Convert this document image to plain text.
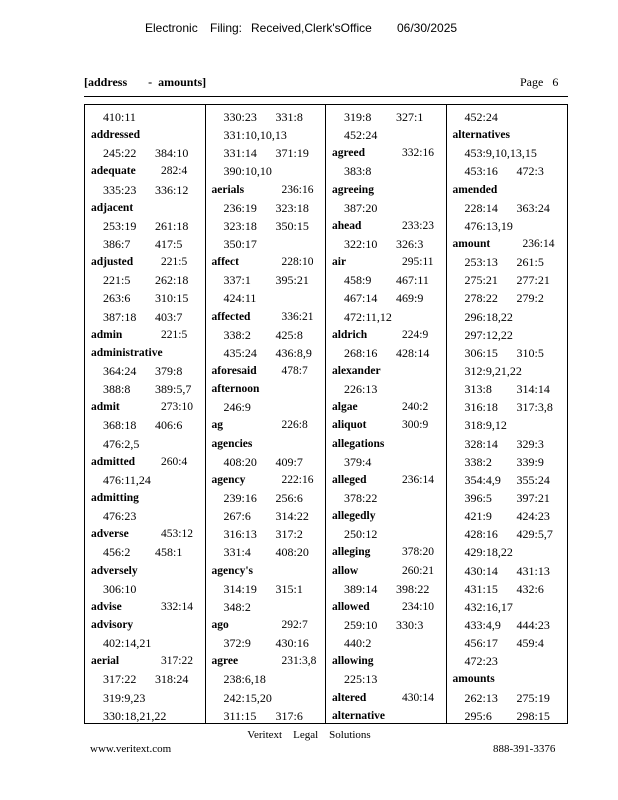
Electronic Filing: Received,Clerk'sOffice 06/30/2025
[address       -  amounts]	Page   6
410:11
addressed
245:22 384:10
adequate 282:4
335:23 336:12
adjacent
253:19 261:18
386:7 417:5
adjusted 221:5
221:5 262:18
263:6 310:15
387:18 403:7
admin	221:5
administrative
364:24 379:8
388:8 389:5,7
admit	273:10
368:18 406:6
476:2,5
admitted 260:4
476:11,24
admitting
476:23
adverse	453:12
456:2 458:1
adversely
306:10
advise	332:14
advisory
402:14,21
aerial	317:22
317:22 318:24
319:9,23
330:18,21,22
330:23 331:8
331:10,10,13
331:14 371:19
390:10,10
aerials	236:16
236:19 323:18
323:18 350:15
350:17
affect	228:10
337:1 395:21
424:11
affected	336:21
338:2 425:8
435:24 436:8,9
aforesaid 478:7
afternoon
246:9
ag	226:8
agencies
408:20 409:7
agency	222:16
239:16 256:6
267:6 314:22
316:13 317:2
331:4 408:20
agency's
314:19 315:1
348:2
ago	292:7
372:9 430:16
agree	231:3,8
238:6,18
242:15,20
311:15 317:6
319:8 327:1
452:24
agreed	332:16
383:8
agreeing
387:20
ahead	233:23
322:10 326:3
air	295:11
458:9 467:11
467:14 469:9
472:11,12
aldrich	224:9
268:16 428:14
alexander
226:13
algae	240:2
aliquot	300:9
allegations
379:4
alleged	236:14
378:22
allegedly
250:12
alleging	378:20
allow	260:21
389:14 398:22
allowed	234:10
259:10 330:3
440:2
allowing
225:13
altered	430:14
alternative
452:24
alternatives
453:9,10,13,15
453:16 472:3
amended
228:14 363:24
476:13,19
amount	236:14
253:13 261:5
275:21 277:21
278:22 279:2
296:18,22
297:12,22
306:15 310:5
312:9,21,22
313:8 314:14
316:18 317:3,8
318:9,12
328:14 329:3
338:2 339:9
354:4,9 355:24
396:5 397:21
421:9 424:23
428:16 429:5,7
429:18,22
430:14 431:13
431:15 432:6
432:16,17
433:4,9 444:23
456:17 459:4
472:23
amounts
262:13 275:19
295:6 298:15
Veritext    Legal    Solutions
www.veritext.com	888-391-3376
